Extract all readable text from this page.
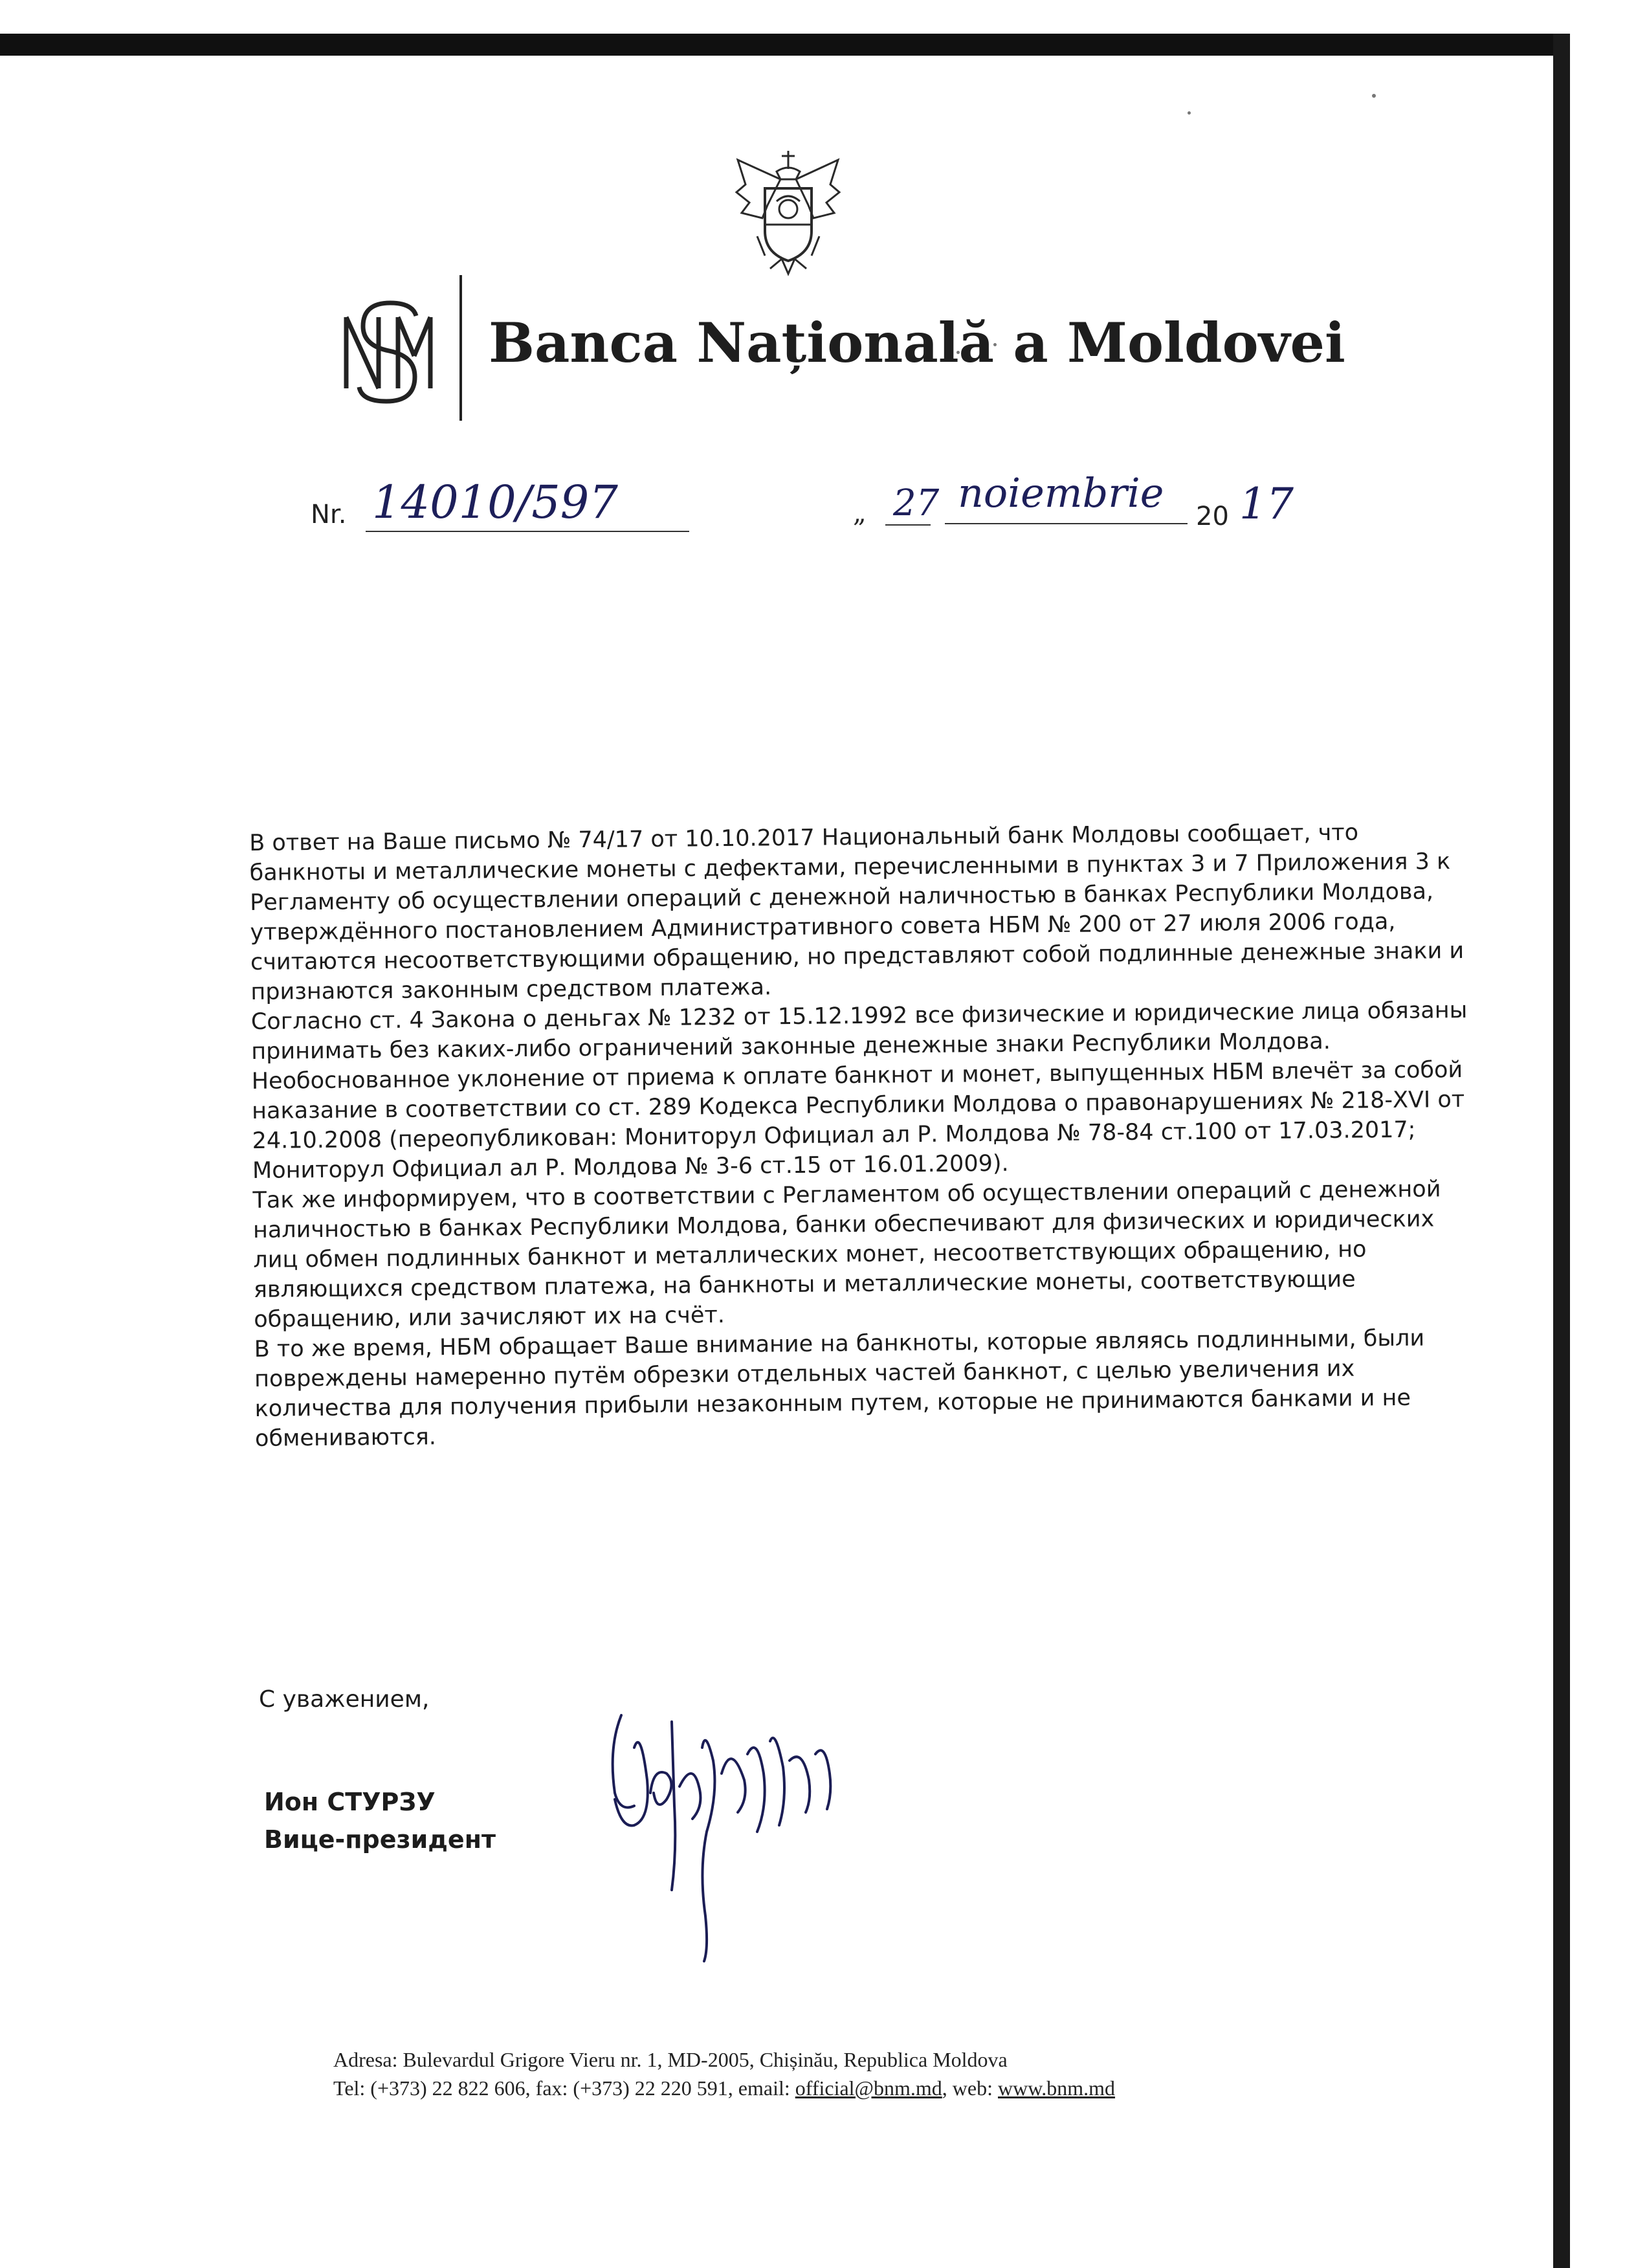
Banca Națională a Moldovei
Nr. 14010/597	„ 27 noiembrie 20 17

В ответ на Ваше письмо № 74/17 от 10.10.2017 Национальный банк Молдовы сообщает, что банкноты и металлические монеты с дефектами, перечисленными в пунктах 3 и 7 Приложения 3 к Регламенту об осуществлении операций с денежной наличностью в банках Республики Молдова, утверждённого постановлением Административного совета НБМ № 200 от 27 июля 2006 года, считаются несоответствующими обращению, но представляют собой подлинные денежные знаки и признаются законным средством платежа.

Согласно ст. 4 Закона о деньгах № 1232 от 15.12.1992 все физические и юридические лица обязаны принимать без каких-либо ограничений законные денежные знаки Республики Молдова. Необоснованное уклонение от приема к оплате банкнот и монет, выпущенных НБМ влечёт за собой наказание в соответствии со ст. 289 Кодекса Республики Молдова о правонарушениях № 218-XVI от 24.10.2008 (переопубликован: Мониторул Официал ал Р. Молдова № 78-84 ст.100 от 17.03.2017; Мониторул Официал ал Р. Молдова № 3-6 ст.15 от 16.01.2009).

Так же информируем, что в соответствии с Регламентом об осуществлении операций с денежной наличностью в банках Республики Молдова, банки обеспечивают для физических и юридических лиц обмен подлинных банкнот и металлических монет, несоответствующих обращению, но являющихся средством платежа, на банкноты и металлические монеты, соответствующие обращению, или зачисляют их на счёт.

В то же время, НБМ обращает Ваше внимание на банкноты, которые являясь подлинными, были повреждены намеренно путём обрезки отдельных частей банкнот, с целью увеличения их количества для получения прибыли незаконным путем, которые не принимаются банками и не обмениваются.

С уважением,
Ион СТУРЗУ
Вице-президент
Adresa: Bulevardul Grigore Vieru nr. 1, MD-2005, Chișinău, Republica Moldova
Tel: (+373) 22 822 606, fax: (+373) 22 220 591, email: official@bnm.md, web: www.bnm.md
